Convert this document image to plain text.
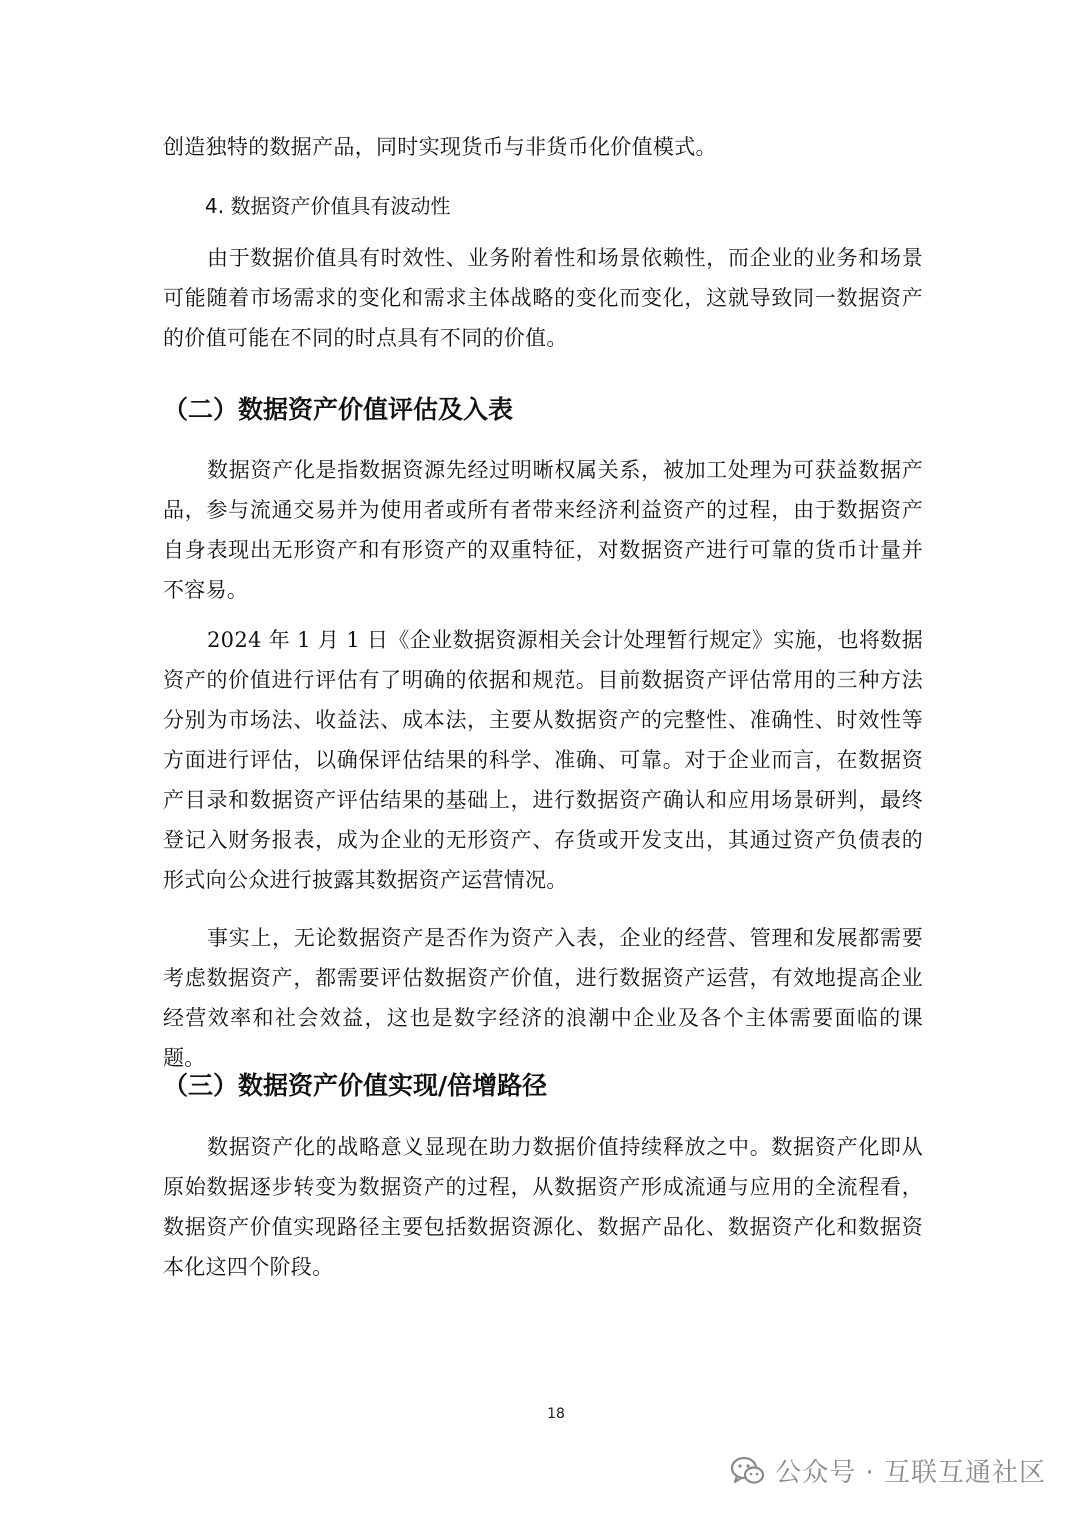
创造独特的数据产品，同时实现货币与非货币化价值模式。

4. 数据资产价值具有波动性

由于数据价值具有时效性、业务附着性和场景依赖性，而企业的业务和场景可能随着市场需求的变化和需求主体战略的变化而变化，这就导致同一数据资产的价值可能在不同的时点具有不同的价值。

（二）数据资产价值评估及入表

数据资产化是指数据资源先经过明晰权属关系，被加工处理为可获益数据产品，参与流通交易并为使用者或所有者带来经济利益资产的过程，由于数据资产自身表现出无形资产和有形资产的双重特征，对数据资产进行可靠的货币计量并不容易。

2024 年 1 月 1 日《企业数据资源相关会计处理暂行规定》实施，也将数据资产的价值进行评估有了明确的依据和规范。目前数据资产评估常用的三种方法分别为市场法、收益法、成本法，主要从数据资产的完整性、准确性、时效性等方面进行评估，以确保评估结果的科学、准确、可靠。对于企业而言，在数据资产目录和数据资产评估结果的基础上，进行数据资产确认和应用场景研判，最终登记入财务报表，成为企业的无形资产、存货或开发支出，其通过资产负债表的形式向公众进行披露其数据资产运营情况。

事实上，无论数据资产是否作为资产入表，企业的经营、管理和发展都需要考虑数据资产，都需要评估数据资产价值，进行数据资产运营，有效地提高企业经营效率和社会效益，这也是数字经济的浪潮中企业及各个主体需要面临的课题。

（三）数据资产价值实现/倍增路径

数据资产化的战略意义显现在助力数据价值持续释放之中。数据资产化即从原始数据逐步转变为数据资产的过程，从数据资产形成流通与应用的全流程看，数据资产价值实现路径主要包括数据资源化、数据产品化、数据资产化和数据资本化这四个阶段。

18
公众号 · 互联互通社区
